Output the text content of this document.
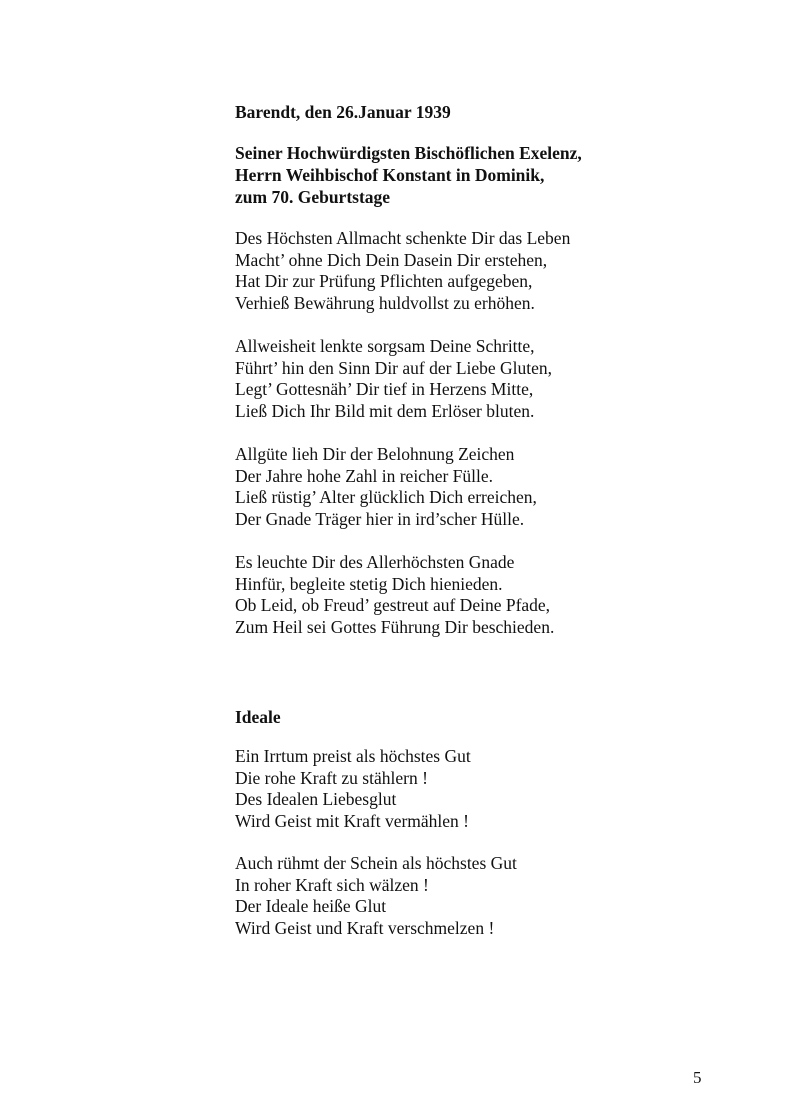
Barendt, den 26.Januar 1939

Seiner Hochwürdigsten Bischöflichen Exelenz,
Herrn Weihbischof Konstant in Dominik,
zum 70. Geburtstage
Des Höchsten Allmacht schenkte Dir das Leben
Macht’ ohne Dich Dein Dasein Dir erstehen,
Hat Dir zur Prüfung Pflichten aufgegeben,
Verhieß Bewährung huldvollst zu erhöhen.
Allweisheit lenkte sorgsam Deine Schritte,
Führt’ hin den Sinn Dir auf der Liebe Gluten,
Legt’ Gottesnäh’ Dir tief in Herzens Mitte,
Ließ Dich Ihr Bild mit dem Erlöser bluten.
Allgüte lieh Dir der Belohnung Zeichen
Der Jahre hohe Zahl in reicher Fülle.
Ließ rüstig’ Alter glücklich Dich erreichen,
Der Gnade Träger hier in ird’scher Hülle.
Es leuchte Dir des Allerhöchsten Gnade
Hinfür, begleite stetig Dich hienieden.
Ob Leid, ob Freud’ gestreut auf Deine Pfade,
Zum Heil sei Gottes Führung Dir beschieden.

Ideale

Ein Irrtum preist als höchstes Gut
Die rohe Kraft zu stählern !
Des Idealen Liebesglut
Wird Geist mit Kraft vermählen !
Auch rühmt der Schein als höchstes Gut
In roher Kraft sich wälzen !
Der Ideale heiße Glut
Wird Geist und Kraft verschmelzen !
5
